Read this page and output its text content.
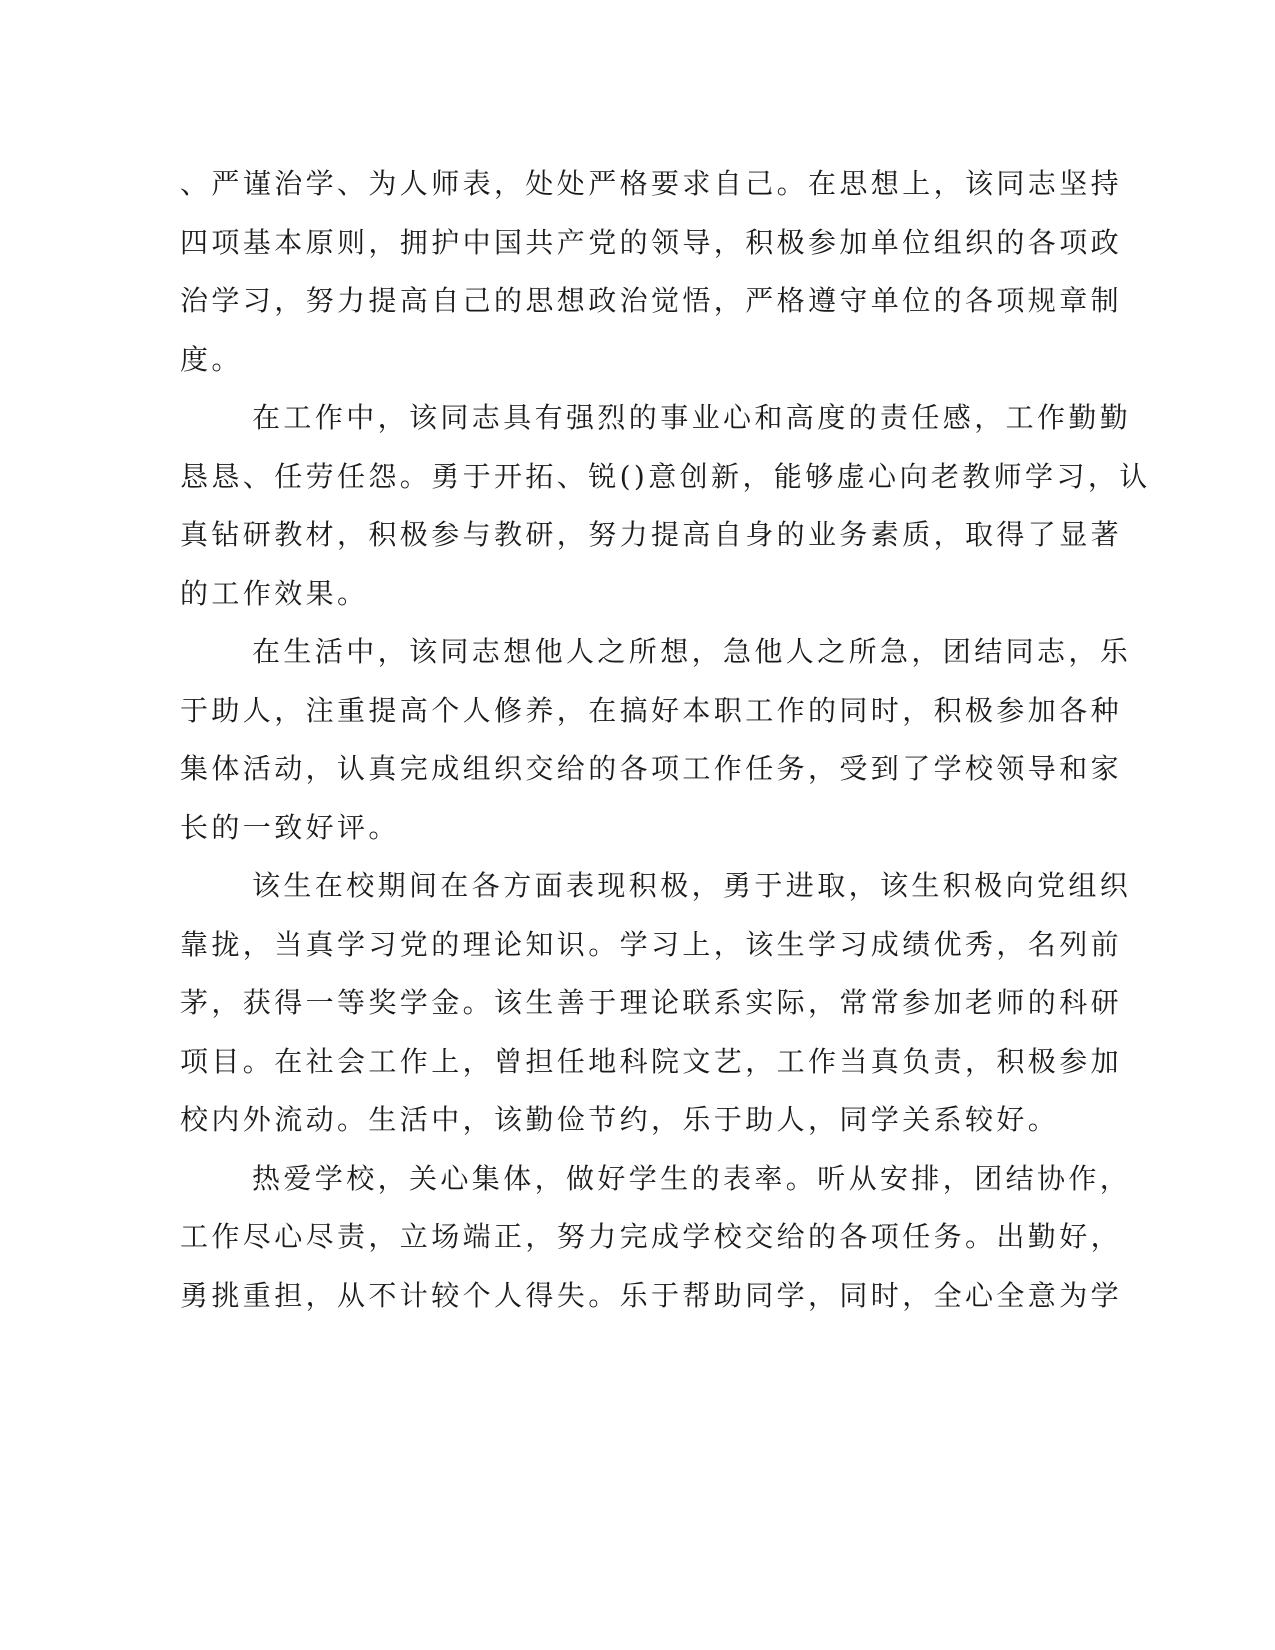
、严谨治学、为人师表，处处严格要求自己。在思想上，该同志坚持
四项基本原则，拥护中国共产党的领导，积极参加单位组织的各项政
治学习，努力提高自己的思想政治觉悟，严格遵守单位的各项规章制
度。
在工作中，该同志具有强烈的事业心和高度的责任感，工作勤勤
恳恳、任劳任怨。勇于开拓、锐()意创新，能够虚心向老教师学习，认
真钻研教材，积极参与教研，努力提高自身的业务素质，取得了显著
的工作效果。
在生活中，该同志想他人之所想，急他人之所急，团结同志，乐
于助人，注重提高个人修养，在搞好本职工作的同时，积极参加各种
集体活动，认真完成组织交给的各项工作任务，受到了学校领导和家
长的一致好评。
该生在校期间在各方面表现积极，勇于进取，该生积极向党组织
靠拢，当真学习党的理论知识。学习上，该生学习成绩优秀，名列前
茅，获得一等奖学金。该生善于理论联系实际，常常参加老师的科研
项目。在社会工作上，曾担任地科院文艺，工作当真负责，积极参加
校内外流动。生活中，该勤俭节约，乐于助人，同学关系较好。
热爱学校，关心集体，做好学生的表率。听从安排，团结协作，
工作尽心尽责，立场端正，努力完成学校交给的各项任务。出勤好，
勇挑重担，从不计较个人得失。乐于帮助同学，同时，全心全意为学
